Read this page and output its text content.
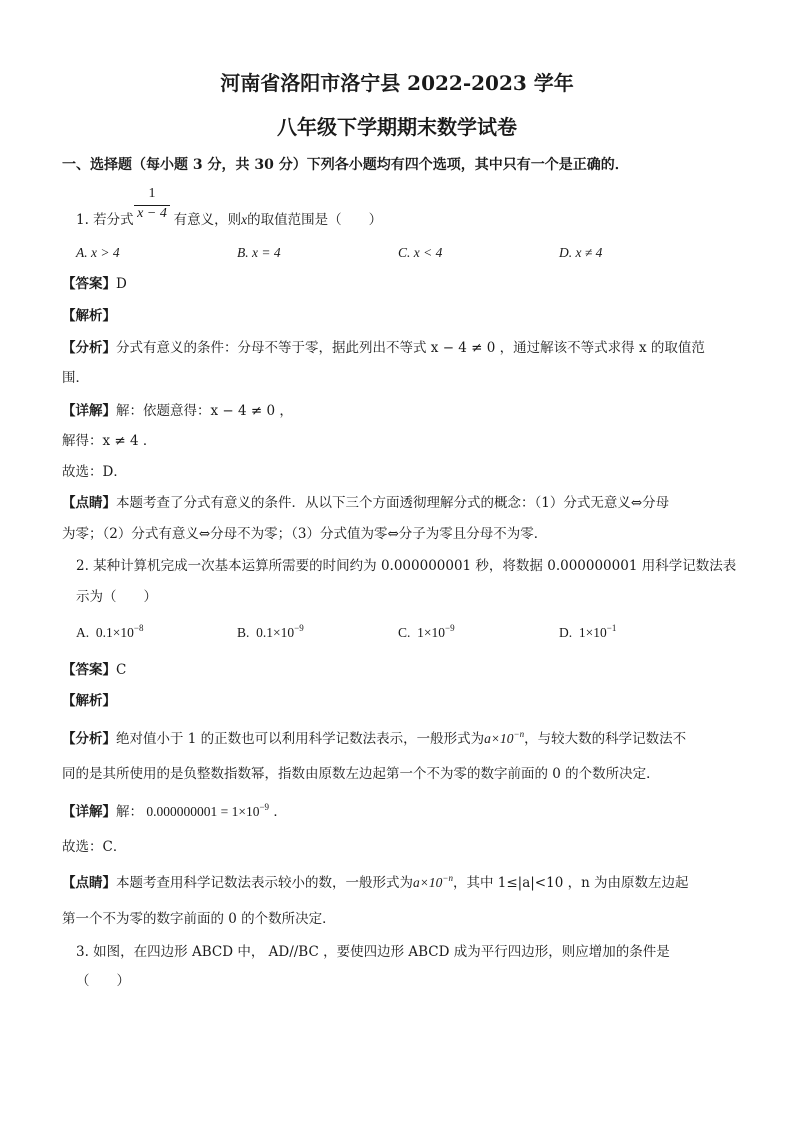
河南省洛阳市洛宁县 2022-2023 学年
八年级下学期期末数学试卷
一、选择题（每小题 3 分，共 30 分）下列各小题均有四个选项，其中只有一个是正确的．
1
x − 4
1. 若分式	有意义，则x的取值范围是（　　）
A. x > 4	B. x = 4	C. x < 4	D. x ≠ 4
【答案】D
【解析】
【分析】分式有意义的条件：分母不等于零，据此列出不等式 x − 4 ≠ 0 ，通过解该不等式求得 x 的取值范
围．
【详解】解：依题意得：x − 4 ≠ 0 ，
解得：x ≠ 4 ．
故选：D．
【点睛】本题考查了分式有意义的条件．从以下三个方面透彻理解分式的概念：（1）分式无意义⇔分母
为零；（2）分式有意义⇔分母不为零；（3）分式值为零⇔分子为零且分母不为零．
2. 某种计算机完成一次基本运算所需要的时间约为 0.000000001 秒，将数据 0.000000001 用科学记数法表
示为（　　）
A. $0.1\times 10^{-8}$	B. $0.1\times 10^{-9}$	C. $1\times 10^{-9}$	D. $1\times 10^{-1}$
【答案】C
【解析】
【分析】绝对值小于 1 的正数也可以利用科学记数法表示，一般形式为$a\times 10^{-n}$，与较大数的科学记数法不
同的是其所使用的是负整数指数幂，指数由原数左边起第一个不为零的数字前面的 0 的个数所决定．
【详解】解： $0.000000001 = 1\times 10^{-9}$ ．
故选：C．
【点睛】本题考查用科学记数法表示较小的数，一般形式为$a\times 10^{-n}$，其中 1≤|a|<10 ，n 为由原数左边起
第一个不为零的数字前面的 0 的个数所决定．
3. 如图，在四边形 ABCD 中， AD//BC ，要使四边形 ABCD 成为平行四边形，则应增加的条件是
（　　）
